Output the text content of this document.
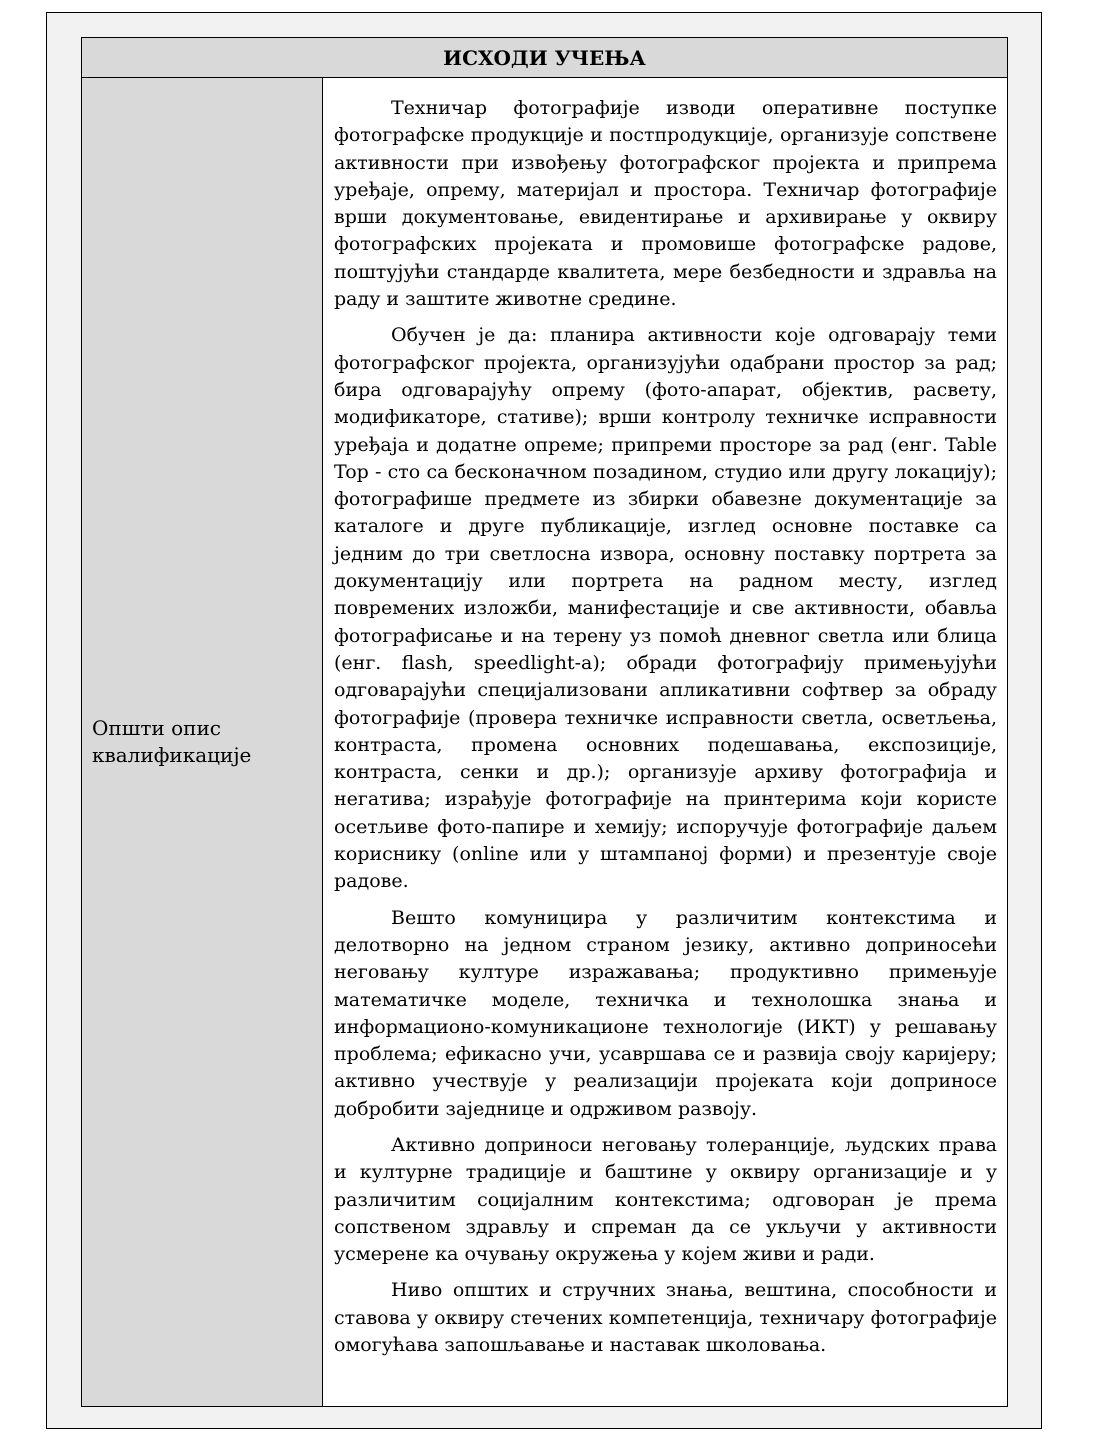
ИСХОДИ УЧЕЊА
Општи опис квалификације

Техничар фотографије изводи оперативне поступке фотографске продукције и постпродукције, организује сопствене активности при извођењу фотографског пројекта и припрема уређаје, опрему, материјал и простора. Техничар фотографије врши документовање, евидентирање и архивирање у оквиру фотографских пројеката и промовише фотографске радове, поштујући стандарде квалитета, мере безбедности и здравља на раду и заштите животне средине.

Обучен је да: планира активности које одговарају теми фотографског пројекта, организујући одабрани простор за рад; бира одговарајућу опрему (фото-апарат, објектив, расвету, модификаторе, стативе); врши контролу техничке исправности уређаја и додатне опреме; припреми просторе за рад (енг. Table Top - сто са бесконачном позадином, студио или другу локацију); фотографише предмете из збирки обавезне документације за каталоге и друге публикације, изглед основне поставке са једним до три светлосна извора, основну поставку портрета за документацију или портрета на радном месту, изглед повремених изложби, манифестације и све активности, обавља фотографисање и на терену уз помоћ дневног светла или блица (енг. flash, speedlight-a); обради фотографију примењујући одговарајући специјализовани апликативни софтвер за обраду фотографије (провера техничке исправности светла, осветљења, контраста, промена основних подешавања, експозиције, контраста, сенки и др.); организује архиву фотографија и негатива; израђује фотографије на принтерима који користе осетљиве фото-папире и хемију; испоручује фотографије даљем кориснику (online или у штампаној форми) и презентује своје радове.

Вешто комуницира у различитим контекстима и делотворно на једном страном језику, активно доприносећи неговању културе изражавања; продуктивно примењује математичке моделе, техничка и технолошка знања и информационо-комуникационе технологије (ИКТ) у решавању проблема; ефикасно учи, усавршава се и развија своју каријеру; активно учествује у реализацији пројеката који доприносе добробити заједнице и одрживом развоју.

Активно доприноси неговању толеранције, људских права и културне традиције и баштине у оквиру организације и у различитим социјалним контекстима; одговоран је према сопственом здрављу и спреман да се укључи у активности усмерене ка очувању окружења у којем живи и ради.

Ниво општих и стручних знања, вештина, способности и ставова у оквиру стечених компетенција, техничару фотографије омогућава запошљавање и наставак школовања.
